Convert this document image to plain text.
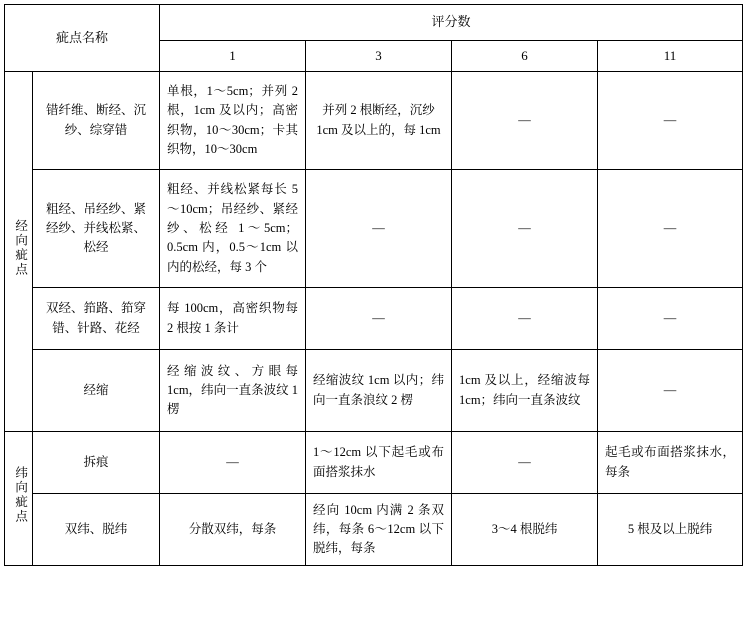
疵点名称		评分数			
		1	3	6	11
经向疵点	错纤维、断经、沉纱、综穿错	单根，1～5cm；并列 2 根，1cm 及以内；高密织物，10～30cm；卡其织物，10～30cm	并列 2 根断经，沉纱 1cm 及以上的，每 1cm	—	—
	粗经、吊经纱、紧经纱、并线松紧、松经	粗经、并线松紧每长 5～10cm；吊经纱、紧经纱、松经 1～5cm；0.5cm 内，0.5～1cm 以内的松经，每 3 个	—	—	—
	双经、筘路、筘穿错、针路、花经	每 100cm，高密织物每 2 根按 1 条计	—	—	—
	经缩	经缩波纹、方眼每 1cm，纬向一直条波纹 1 楞	经缩波纹 1cm 以内；纬向一直条浪纹 2 楞	1cm 及以上，经缩波每 1cm；纬向一直条波纹	—
纬向疵点	拆痕	—	1～12cm 以下起毛或布面搭浆抹水	—	起毛或布面搭浆抹水，每条
	双纬、脱纬	分散双纬，每条	经向 10cm 内满 2 条双纬，每条 6～12cm 以下脱纬，每条	3～4 根脱纬	5 根及以上脱纬
